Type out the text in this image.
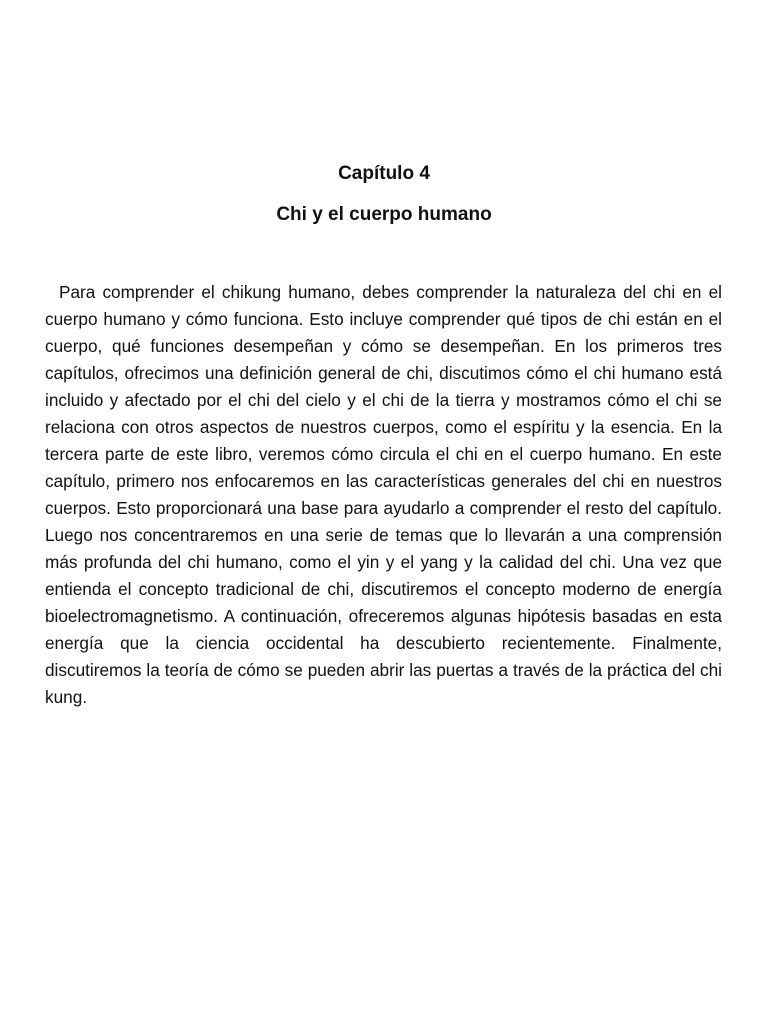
Capítulo 4
Chi y el cuerpo humano

Para comprender el chikung humano, debes comprender la naturaleza del chi en el cuerpo humano y cómo funciona. Esto incluye comprender qué tipos de chi están en el cuerpo, qué funciones desempeñan y cómo se desempeñan. En los primeros tres capítulos, ofrecimos una definición general de chi, discutimos cómo el chi humano está incluido y afectado por el chi del cielo y el chi de la tierra y mostramos cómo el chi se relaciona con otros aspectos de nuestros cuerpos, como el espíritu y la esencia. En la tercera parte de este libro, veremos cómo circula el chi en el cuerpo humano. En este capítulo, primero nos enfocaremos en las características generales del chi en nuestros cuerpos. Esto proporcionará una base para ayudarlo a comprender el resto del capítulo. Luego nos concentraremos en una serie de temas que lo llevarán a una comprensión más profunda del chi humano, como el yin y el yang y la calidad del chi. Una vez que entienda el concepto tradicional de chi, discutiremos el concepto moderno de energía bioelectromagnetismo. A continuación, ofreceremos algunas hipótesis basadas en esta energía que la ciencia occidental ha descubierto recientemente. Finalmente, discutiremos la teoría de cómo se pueden abrir las puertas a través de la práctica del chi kung.
